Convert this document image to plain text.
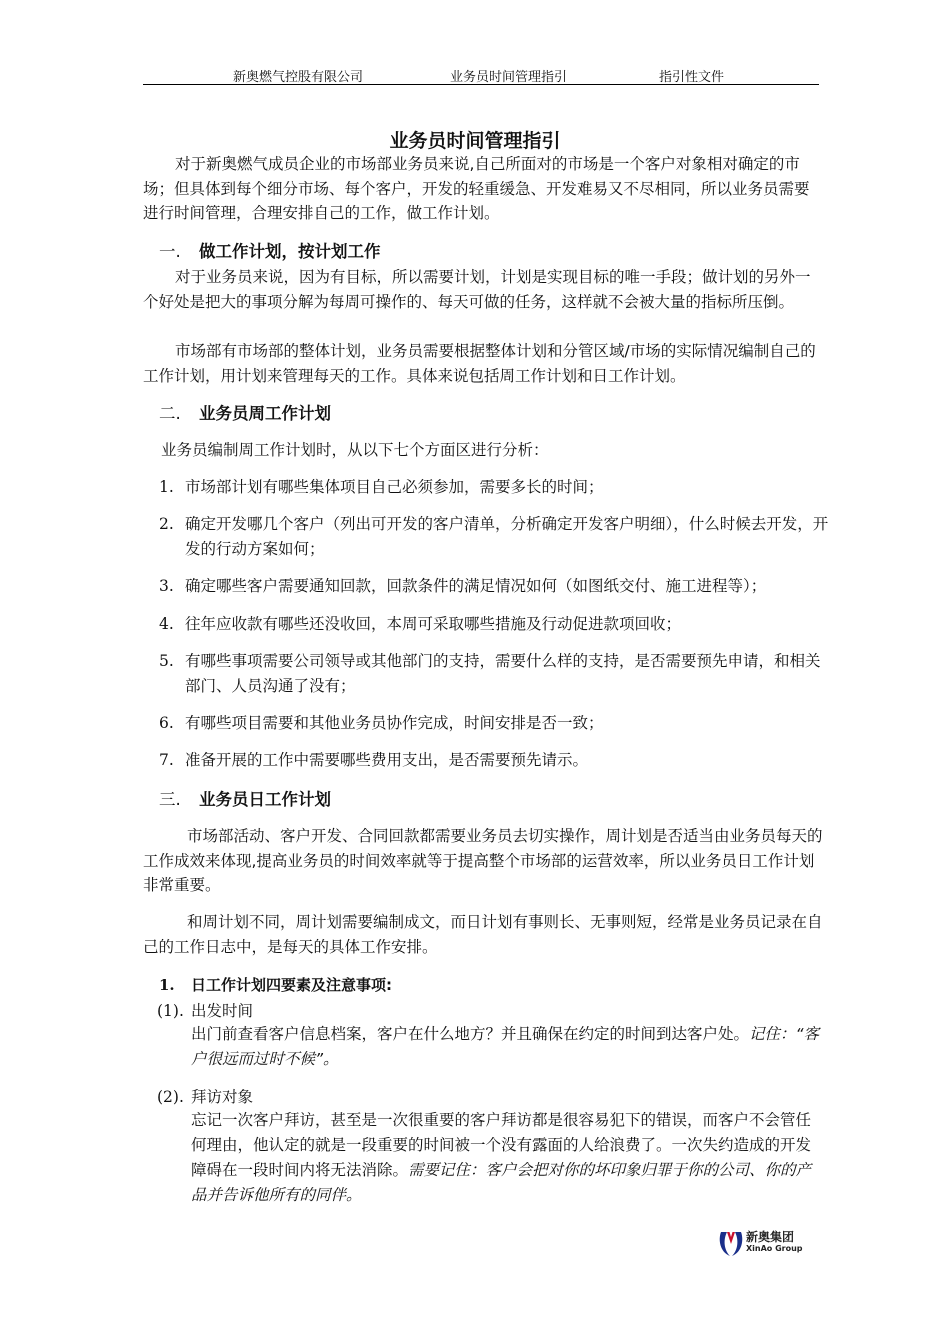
新奥燃气控股有限公司	业务员时间管理指引	指引性文件
业务员时间管理指引

对于新奥燃气成员企业的市场部业务员来说,自己所面对的市场是一个客户对象相对确定的市场；但具体到每个细分市场、每个客户，开发的轻重缓急、开发难易又不尽相同，所以业务员需要进行时间管理，合理安排自己的工作，做工作计划。

一. 做工作计划，按计划工作

对于业务员来说，因为有目标，所以需要计划，计划是实现目标的唯一手段；做计划的另外一个好处是把大的事项分解为每周可操作的、每天可做的任务，这样就不会被大量的指标所压倒。

市场部有市场部的整体计划，业务员需要根据整体计划和分管区域/市场的实际情况编制自己的工作计划，用计划来管理每天的工作。具体来说包括周工作计划和日工作计划。

二. 业务员周工作计划
业务员编制周工作计划时，从以下七个方面区进行分析：
1. 市场部计划有哪些集体项目自己必须参加，需要多长的时间；
2. 确定开发哪几个客户（列出可开发的客户清单，分析确定开发客户明细），什么时候去开发，开发的行动方案如何；
3. 确定哪些客户需要通知回款，回款条件的满足情况如何（如图纸交付、施工进程等）；
4. 往年应收款有哪些还没收回，本周可采取哪些措施及行动促进款项回收；
5. 有哪些事项需要公司领导或其他部门的支持，需要什么样的支持，是否需要预先申请，和相关部门、人员沟通了没有；
6. 有哪些项目需要和其他业务员协作完成，时间安排是否一致；
7. 准备开展的工作中需要哪些费用支出，是否需要预先请示。
三. 业务员日工作计划

市场部活动、客户开发、合同回款都需要业务员去切实操作，周计划是否适当由业务员每天的工作成效来体现,提高业务员的时间效率就等于提高整个市场部的运营效率，所以业务员日工作计划非常重要。

和周计划不同，周计划需要编制成文，而日计划有事则长、无事则短，经常是业务员记录在自己的工作日志中，是每天的具体工作安排。

1. 日工作计划四要素及注意事项:
(1). 出发时间
出门前查看客户信息档案，客户在什么地方？并且确保在约定的时间到达客户处。记住：“客户很远而过时不候”。
(2). 拜访对象
忘记一次客户拜访，甚至是一次很重要的客户拜访都是很容易犯下的错误，而客户不会管任何理由，他认定的就是一段重要的时间被一个没有露面的人给浪费了。一次失约造成的开发障碍在一段时间内将无法消除。需要记住：客户会把对你的坏印象归罪于你的公司、你的产品并告诉他所有的同伴。
新奥集团
XinAo Group
